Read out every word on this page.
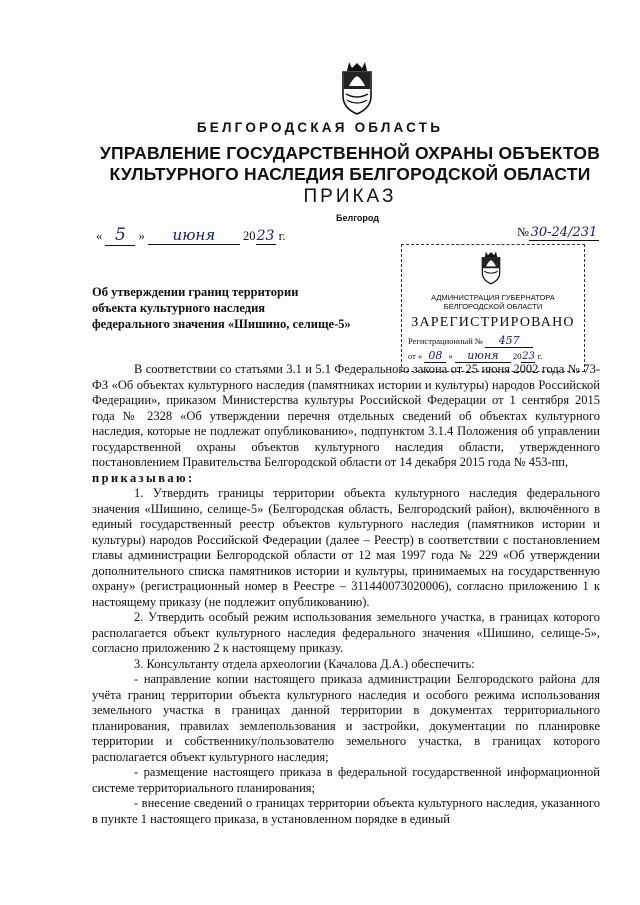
БЕЛГОРОДСКАЯ ОБЛАСТЬ
УПРАВЛЕНИЕ ГОСУДАРСТВЕННОЙ ОХРАНЫ ОБЪЕКТОВ
КУЛЬТУРНОГО НАСЛЕДИЯ БЕЛГОРОДСКОЙ ОБЛАСТИ
ПРИКАЗ
Белгород
« 5 » июня 2023 г.	№ 30-24/231
Об утверждении границ территории
объекта культурного наследия
федерального значения «Шишино, селище-5»
АДМИНИСТРАЦИЯ ГУБЕРНАТОРА
БЕЛГОРОДСКОЙ ОБЛАСТИ
ЗАРЕГИСТРИРОВАНО
Регистрационный № 457
от « 08 » июня 2023 г.

В соответствии со статьями 3.1 и 5.1 Федерального закона от 25 июня 2002 года № 73-ФЗ «Об объектах культурного наследия (памятниках истории и культуры) народов Российской Федерации», приказом Министерства культуры Российской Федерации от 1 сентября 2015 года № 2328 «Об утверждении перечня отдельных сведений об объектах культурного наследия, которые не подлежат опубликованию», подпунктом 3.1.4 Положения об управлении государственной охраны объектов культурного наследия области, утвержденного постановлением Правительства Белгородской области от 14 декабря 2015 года № 453-пп,

приказываю:

1. Утвердить границы территории объекта культурного наследия федерального значения «Шишино, селище-5» (Белгородская область, Белгородский район), включённого в единый государственный реестр объектов культурного наследия (памятников истории и культуры) народов Российской Федерации (далее – Реестр) в соответствии с постановлением главы администрации Белгородской области от 12 мая 1997 года № 229 «Об утверждении дополнительного списка памятников истории и культуры, принимаемых на государственную охрану» (регистрационный номер в Реестре – 311440073020006), согласно приложению 1 к настоящему приказу (не подлежит опубликованию).

2. Утвердить особый режим использования земельного участка, в границах которого располагается объект культурного наследия федерального значения «Шишино, селище-5», согласно приложению 2 к настоящему приказу.

3. Консультанту отдела археологии (Качалова Д.А.) обеспечить:

- направление копии настоящего приказа администрации Белгородского района для учёта границ территории объекта культурного наследия и особого режима использования земельного участка в границах данной территории в документах территориального планирования, правилах землепользования и застройки, документации по планировке территории и собственнику/пользователю земельного участка, в границах которого располагается объект культурного наследия;

- размещение настоящего приказа в федеральной государственной информационной системе территориального планирования;

- внесение сведений о границах территории объекта культурного наследия, указанного в пункте 1 настоящего приказа, в установленном порядке в единый
